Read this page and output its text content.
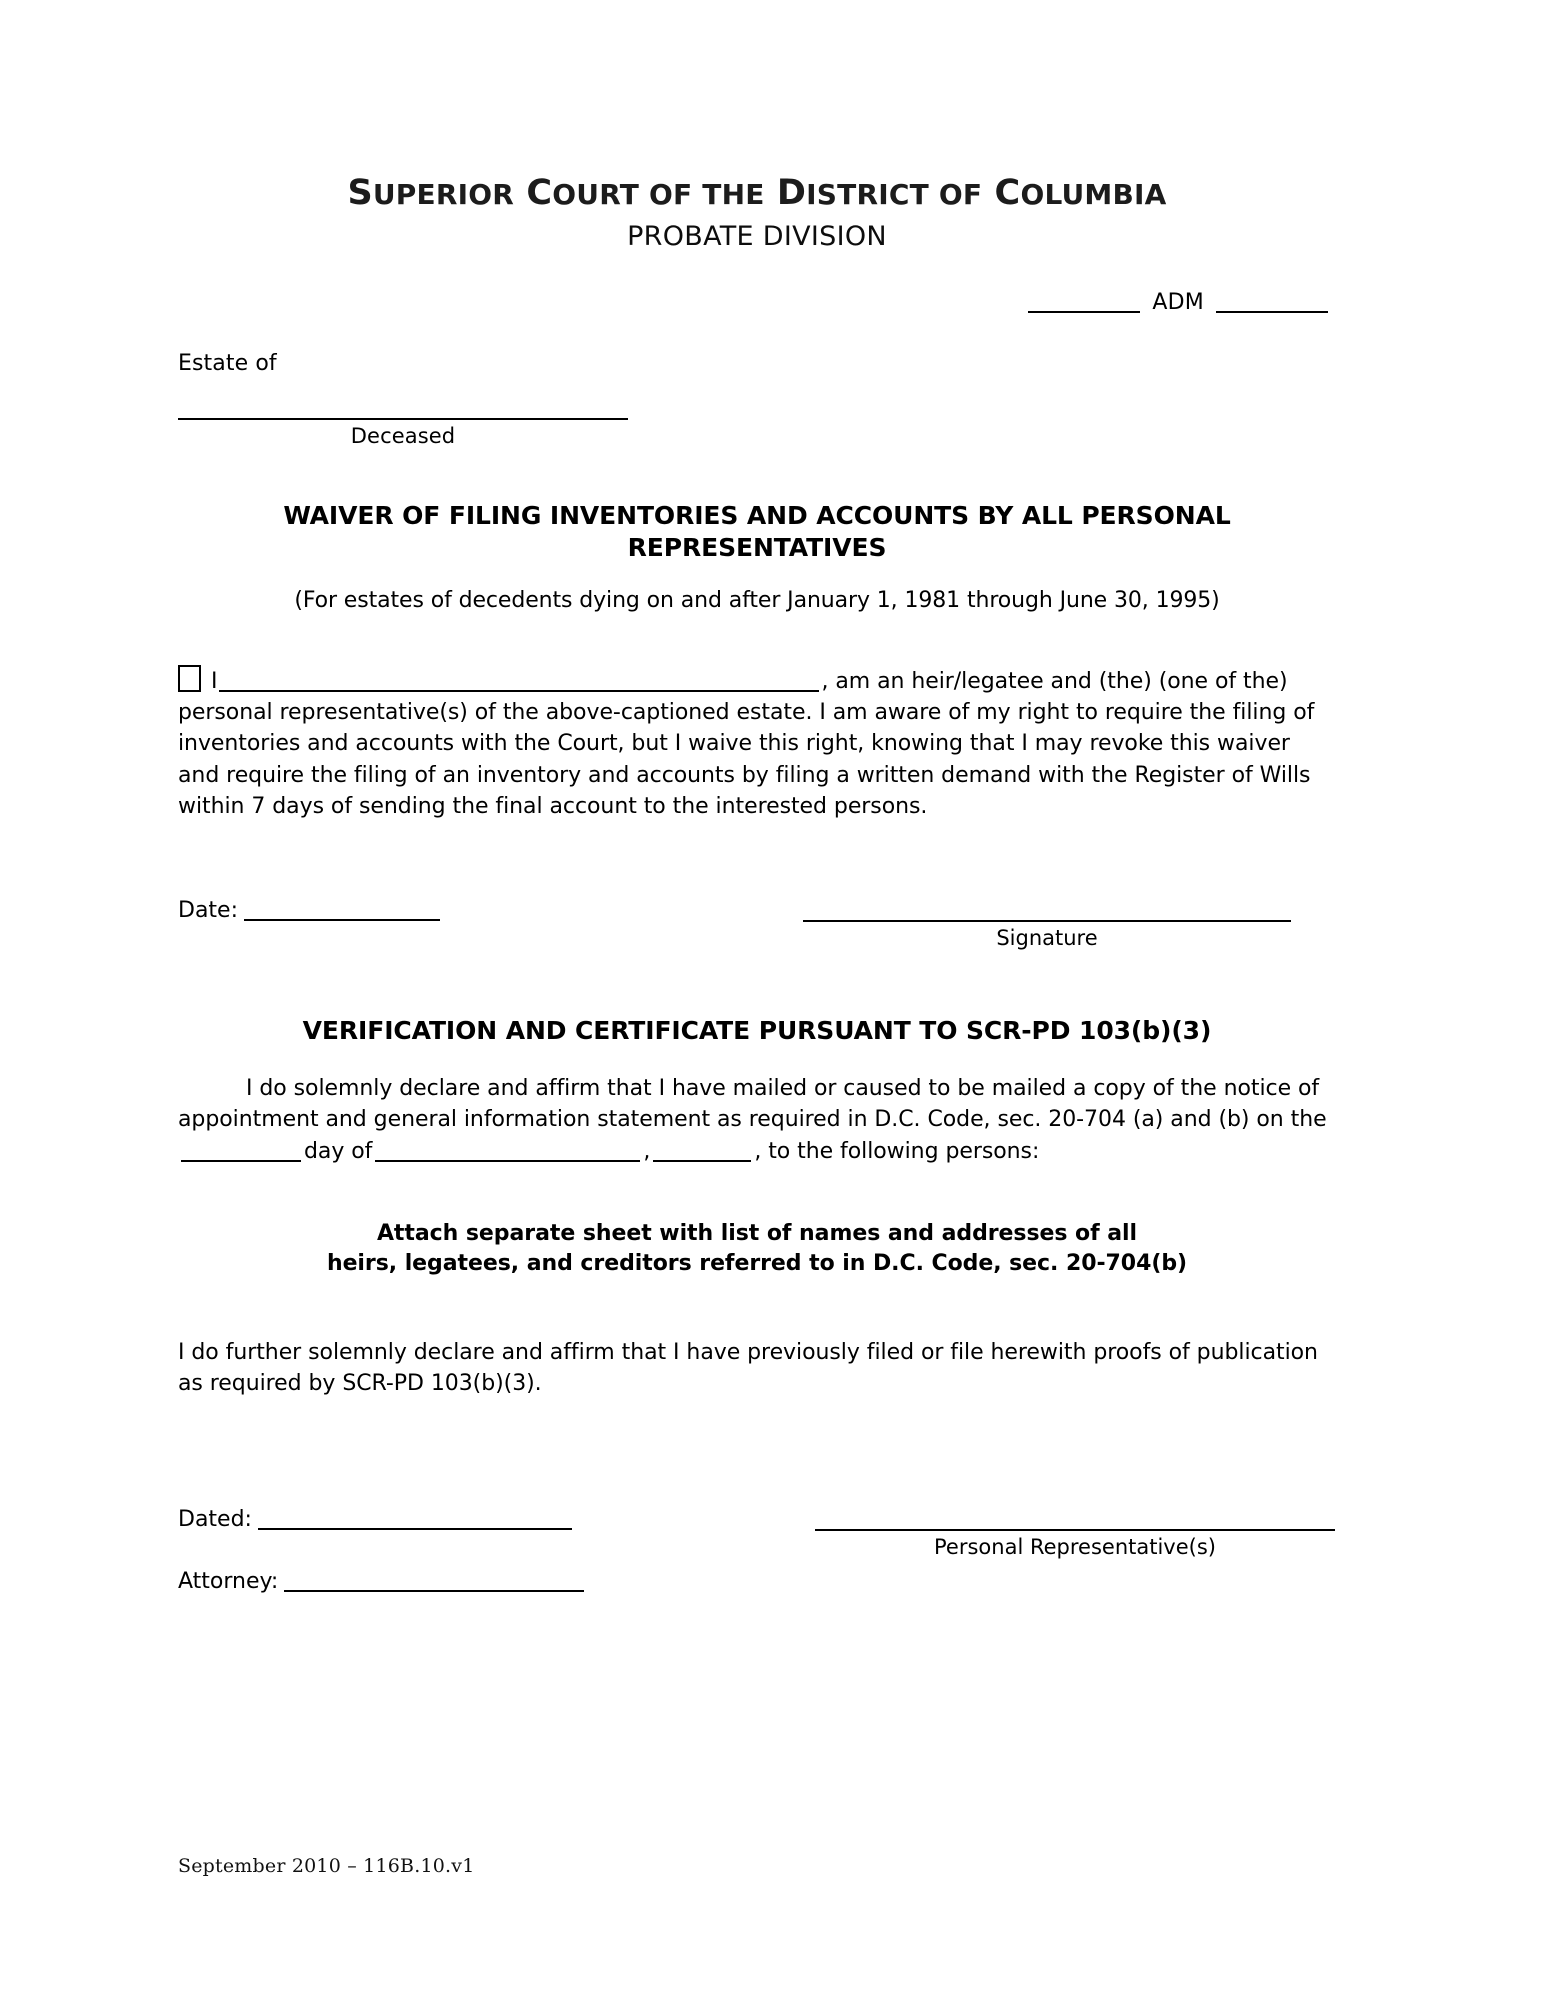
SUPERIOR COURT OF THE DISTRICT OF COLUMBIA
PROBATE DIVISION
ADM
Estate of
Deceased
WAIVER OF FILING INVENTORIES AND ACCOUNTS BY ALL PERSONAL
REPRESENTATIVES
(For estates of decedents dying on and after January 1, 1981 through June 30, 1995)
I	, am an heir/legatee and (the) (one of the) personal representative(s) of the above-captioned estate. I am aware of my right to require the filing of inventories and accounts with the Court, but I waive this right, knowing that I may revoke this waiver and require the filing of an inventory and accounts by filing a written demand with the Register of Wills within 7 days of sending the final account to the interested persons.
Date:
Signature
VERIFICATION AND CERTIFICATE PURSUANT TO SCR-PD 103(b)(3)
I do solemnly declare and affirm that I have mailed or caused to be mailed a copy of the notice of appointment and general information statement as required in D.C. Code, sec. 20-704 (a) and (b) on theday of	,	, to the following persons:
Attach separate sheet with list of names and addresses of all
heirs, legatees, and creditors referred to in D.C. Code, sec. 20-704(b)
I do further solemnly declare and affirm that I have previously filed or file herewith proofs of publication as required by SCR-PD 103(b)(3).
Dated:
Attorney:
Personal Representative(s)
September 2010 – 116B.10.v1
